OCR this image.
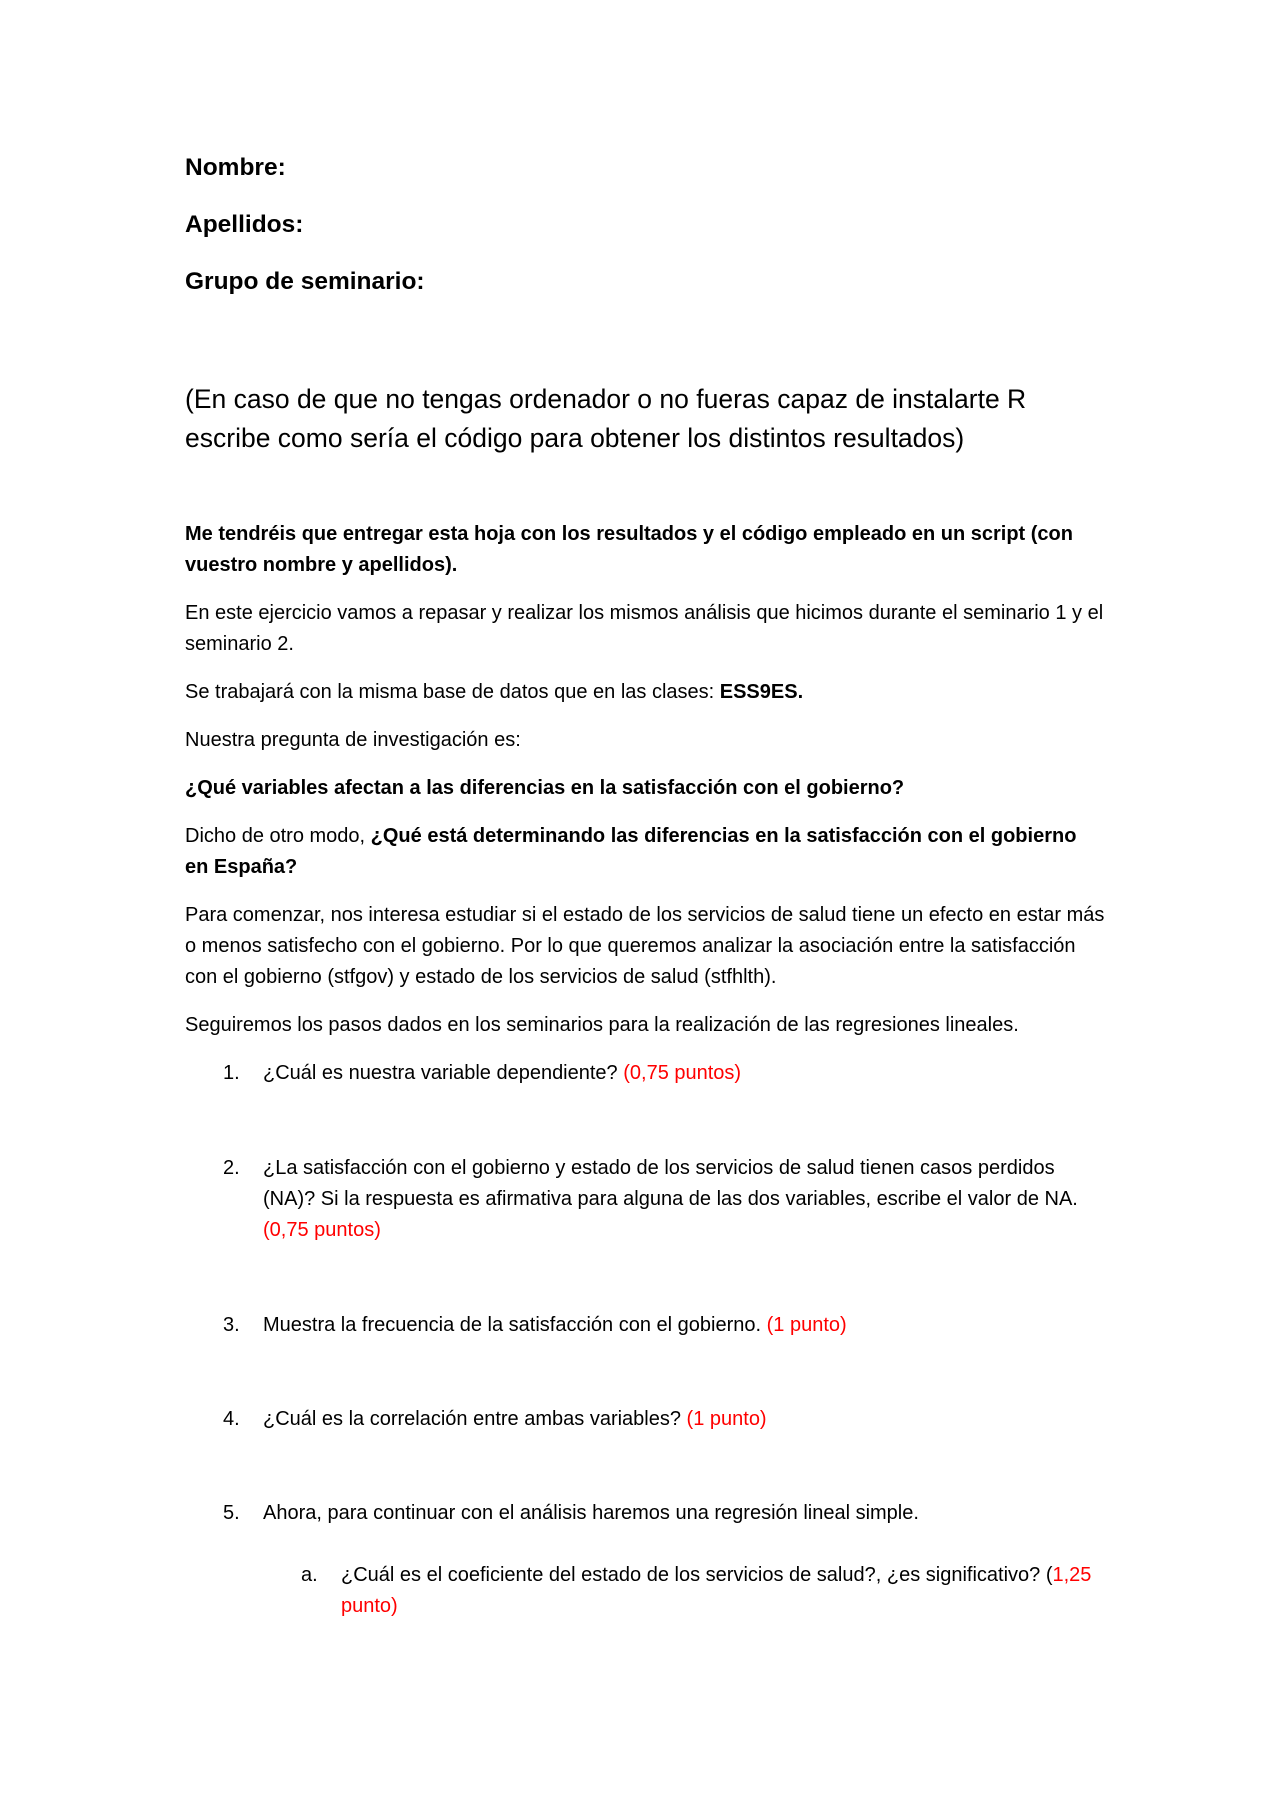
Nombre:
Apellidos:
Grupo de seminario:

(En caso de que no tengas ordenador o no fueras capaz de instalarte R escribe como sería el código para obtener los distintos resultados)

Me tendréis que entregar esta hoja con los resultados y el código empleado en un script (con vuestro nombre y apellidos).

En este ejercicio vamos a repasar y realizar los mismos análisis que hicimos durante el seminario 1 y el seminario 2.

Se trabajará con la misma base de datos que en las clases: ESS9ES.

Nuestra pregunta de investigación es:

¿Qué variables afectan a las diferencias en la satisfacción con el gobierno?

Dicho de otro modo, ¿Qué está determinando las diferencias en la satisfacción con el gobierno en España?

Para comenzar, nos interesa estudiar si el estado de los servicios de salud tiene un efecto en estar más o menos satisfecho con el gobierno. Por lo que queremos analizar la asociación entre la satisfacción con el gobierno (stfgov) y estado de los servicios de salud (stfhlth).

Seguiremos los pasos dados en los seminarios para la realización de las regresiones lineales.

1. ¿Cuál es nuestra variable dependiente? (0,75 puntos)
2. ¿La satisfacción con el gobierno y estado de los servicios de salud tienen casos perdidos (NA)? Si la respuesta es afirmativa para alguna de las dos variables, escribe el valor de NA. (0,75 puntos)
3. Muestra la frecuencia de la satisfacción con el gobierno. (1 punto)
4. ¿Cuál es la correlación entre ambas variables? (1 punto)
5. Ahora, para continuar con el análisis haremos una regresión lineal simple.
a. ¿Cuál es el coeficiente del estado de los servicios de salud?, ¿es significativo? (1,25 punto)
